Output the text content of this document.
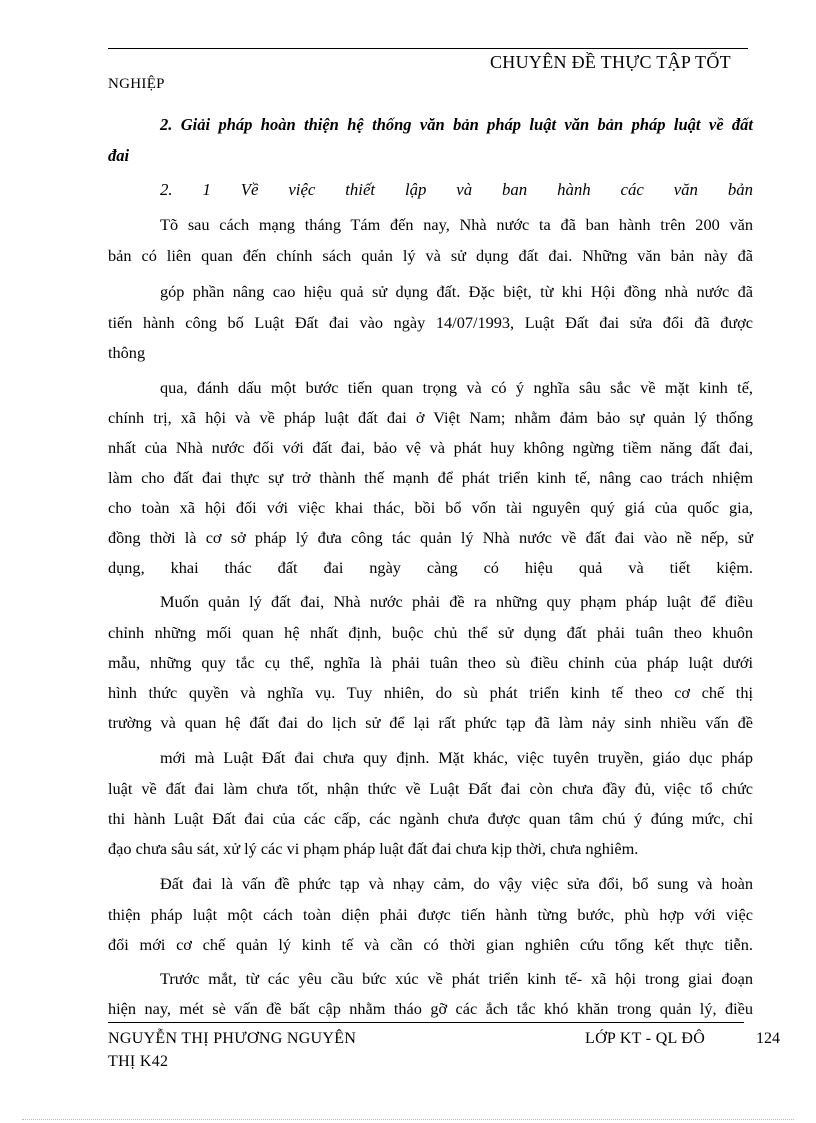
CHUYÊN ĐỀ THỰC TẬP TỐT
NGHIỆP
2. Giải pháp hoàn thiện hệ thống văn bản pháp luật văn bản pháp luật về đất
đai
2. 1 Về việc thiết lập và ban hành các văn bản
Tõ sau cách mạng tháng Tám đến nay, Nhà nước ta đã ban hành trên 200 văn
bản có liên quan đến chính sách quản lý và sử dụng đất đai. Những văn bản này đã
góp phần nâng cao hiệu quả sử dụng đất. Đặc biệt, từ khi Hội đồng nhà nước đã
tiến hành công bố Luật Đất đai vào ngày 14/07/1993, Luật Đất đai sửa đổi đã được
thông
qua, đánh dấu một bước tiến quan trọng và có ý nghĩa sâu sắc về mặt kinh tế,
chính trị, xã hội và về pháp luật đất đai ở Việt Nam; nhằm đảm bảo sự quản lý thống
nhất của Nhà nước đối với đất đai, bảo vệ và phát huy không ngừng tiềm năng đất đai,
làm cho đất đai thực sự trở thành thế mạnh để phát triển kinh tế, nâng cao trách nhiệm
cho toàn xã hội đối với việc khai thác, bồi bổ vốn tài nguyên quý giá của quốc gia,
đồng thời là cơ sở pháp lý đưa công tác quản lý Nhà nước về đất đai vào nề nếp, sử
dụng, khai thác đất đai ngày càng có hiệu quả và tiết kiệm.
Muốn quản lý đất đai, Nhà nước phải đề ra những quy phạm pháp luật để điều
chỉnh những mối quan hệ nhất định, buộc chủ thể sử dụng đất phải tuân theo khuôn
mẫu, những quy tắc cụ thể, nghĩa là phải tuân theo sù điều chỉnh của pháp luật dưới
hình thức quyền và nghĩa vụ. Tuy nhiên, do sù phát triển kinh tế theo cơ chế thị
trường và quan hệ đất đai do lịch sử để lại rất phức tạp đã làm nảy sinh nhiều vấn đề
mới mà Luật Đất đai chưa quy định. Mặt khác, việc tuyên truyền, giáo dục pháp
luật về đất đai làm chưa tốt, nhận thức về Luật Đất đai còn chưa đầy đủ, việc tổ chức
thi hành Luật Đất đai của các cấp, các ngành chưa được quan tâm chú ý đúng mức, chỉ
đạo chưa sâu sát, xử lý các vi phạm pháp luật đất đai chưa kịp thời, chưa nghiêm.
Đất đai là vấn đề phức tạp và nhạy cảm, do vậy việc sửa đổi, bổ sung và hoàn
thiện pháp luật một cách toàn diện phải được tiến hành từng bước, phù hợp với việc
đổi mới cơ chế quản lý kinh tế và cần có thời gian nghiên cứu tổng kết thực tiễn.
Trước mắt, từ các yêu cầu bức xúc về phát triển kinh tế- xã hội trong giai đoạn
hiện nay, mét sè vấn đề bất cập nhằm tháo gỡ các ắch tắc khó khăn trong quản lý, điều
NGUYỄN THỊ PHƯƠNG NGUYÊN
THỊ K42
LỚP KT - QL ĐÔ	124
